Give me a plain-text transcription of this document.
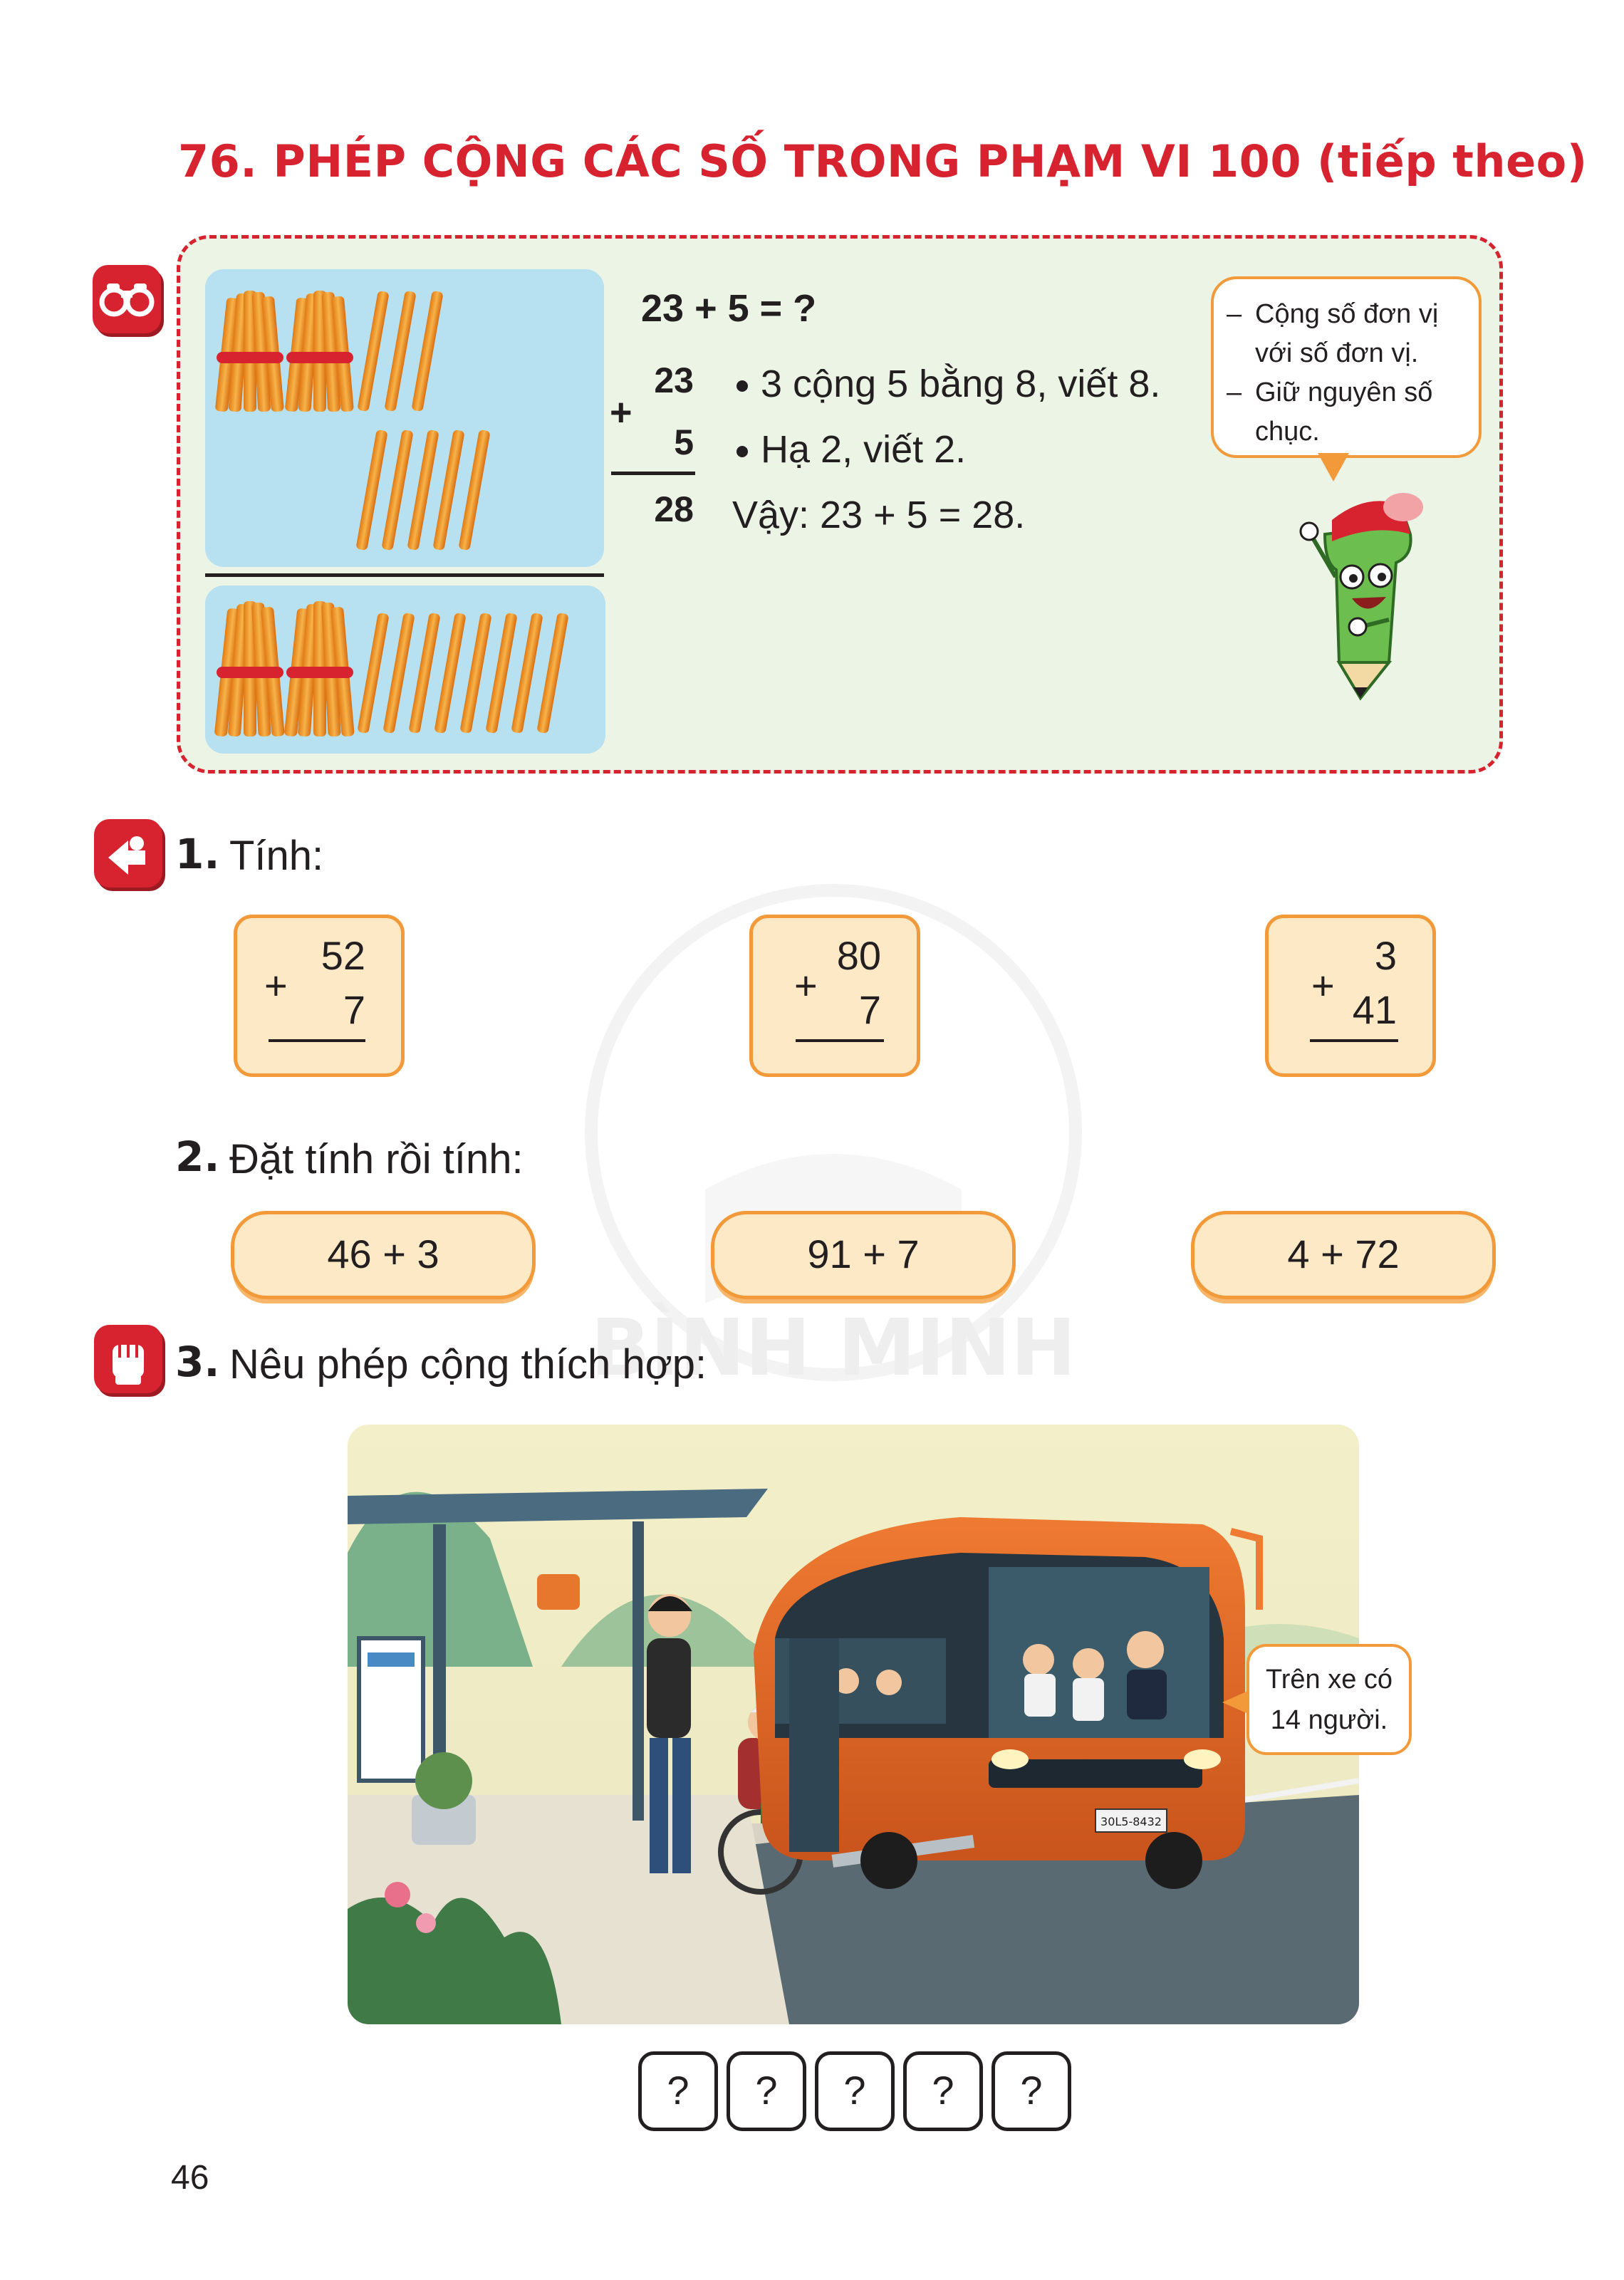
BÌNH MINH
76. PHÉP CỘNG CÁC SỐ TRONG PHẠM VI 100 (tiếp theo)
23 + 5 = ?
23
+
5
28
3 cộng 5 bằng 8, viết 8.
Hạ 2, viết 2.
Vậy: 23 + 5 = 28.
– Cộng số đơn vị với số đơn vị.
– Giữ nguyên số chục.
1. Tính:
52
+
7
80
+
7
3
+
41
2. Đặt tính rồi tính:
46 + 3	91 + 7	4 + 72
3. Nêu phép cộng thích hợp:
30L5-8432
Trên xe có 14 người.
?	?	?	?	?
46
